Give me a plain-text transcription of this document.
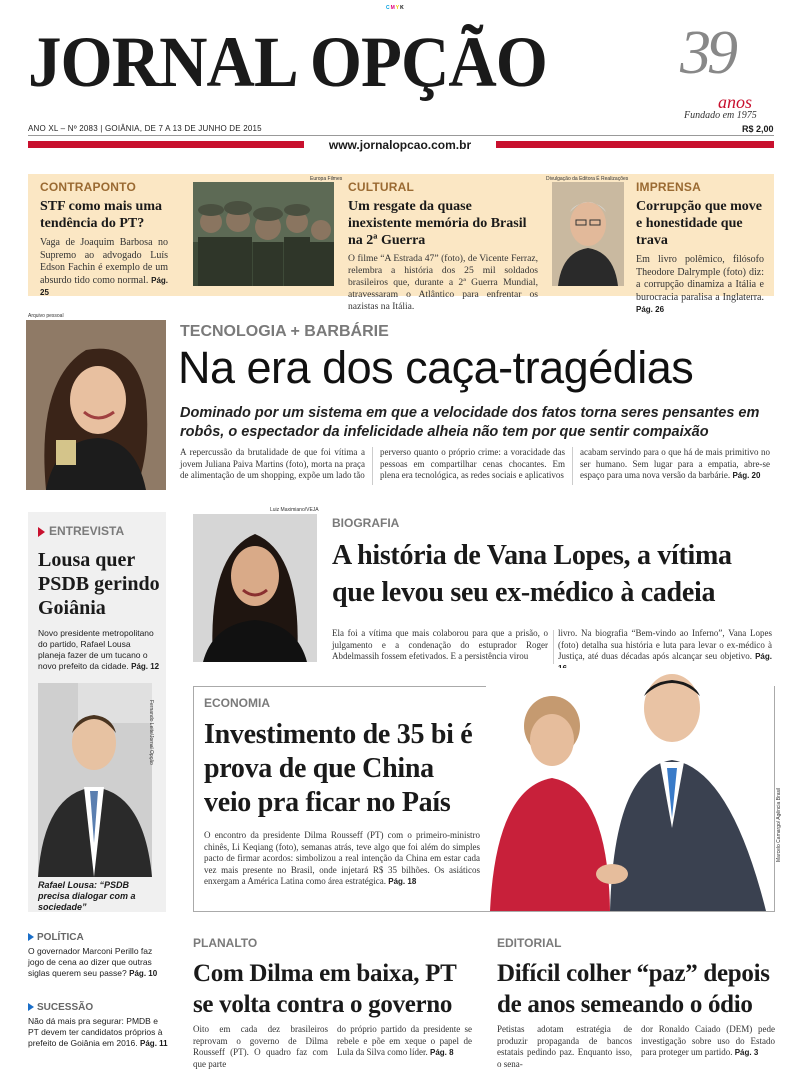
CMYK
JORNAL OPÇÃO 39
anos
Fundado em 1975
ANO XL – Nº 2083 | GOIÂNIA, DE 7 A 13 DE JUNHO DE 2015	R$ 2,00
www.jornalopcao.com.br
CONTRAPONTO
STF como mais uma tendência do PT?
Vaga de Joaquim Barbosa no Supremo ao advogado Luís Edson Fachin é exemplo de um absurdo tido como normal. Pág. 25
Europa Filmes
CULTURAL
Um resgate da quase inexistente memória do Brasil na 2ª Guerra
O filme “A Estrada 47” (foto), de Vicente Ferraz, relembra a história dos 25 mil soldados brasileiros que, durante a 2ª Guerra Mundial, atravessaram o Atlântico para enfrentar os nazistas na Itália.
Divulgação da Editora É Realizações
IMPRENSA
Corrupção que move e honestidade que trava
Em livro polêmico, filósofo Theodore Dalrymple (foto) diz: a corrupção dinamiza a Itália e burocracia paralisa a Inglaterra. Pág. 26
Arquivo pessoal
TECNOLOGIA + BARBÁRIE
Na era dos caça-tragédias
Dominado por um sistema em que a velocidade dos fatos torna seres pensantes em robôs, o espectador da infelicidade alheia não tem por que sentir compaixão
A repercussão da brutalidade de que foi vítima a jovem Juliana Paiva Martins (foto), morta na praça de alimentação de um shopping, expõe um lado tão
perverso quanto o próprio crime: a voracidade das pessoas em compartilhar cenas chocantes. Em plena era tecnológica, as redes sociais e aplicativos
acabam servindo para o que há de mais primitivo no ser humano. Sem lugar para a empatia, abre-se espaço para uma nova versão da barbárie. Pág. 20
ENTREVISTA
Lousa quer PSDB gerindo Goiânia
Novo presidente metropolitano do partido, Rafael Lousa planeja fazer de um tucano o novo prefeito da cidade. Pág. 12
Fernando Leite/Jornal Opção
Rafael Lousa: “PSDB precisa dialogar com a sociedade”
Luiz Maximiano/VEJA
BIOGRAFIA
A história de Vana Lopes, a vítima que levou seu ex-médico à cadeia
Ela foi a vítima que mais colaborou para que a prisão, o julgamento e a condenação do estuprador Roger Abdelmassih fossem efetivados. E a persistência virou
livro. Na biografia “Bem-vindo ao Inferno”, Vana Lopes (foto) detalha sua história e luta para levar o ex-médico à Justiça, até duas décadas após alcançar seu objetivo. Pág.
ECONOMIA
Investimento de 35 bi é prova de que China veio pra ficar no País
O encontro da presidente Dilma Rousseff (PT) com o primeiro-ministro chinês, Li Keqiang (foto), semanas atrás, teve algo que foi além do simples pacto de firmar acordos: simbolizou a real intenção da China em estar cada vez mais presente no Brasil, onde injetará R$ 35 bilhões. Os asiáticos enxergam a América Latina como área estratégica. Pág. 18
Marcelo Camargo/ Agência Brasil
POLÍTICA
O governador Marconi Perillo faz jogo de cena ao dizer que outras siglas querem seu passe? Pág. 10
SUCESSÃO
Não dá mais pra segurar: PMDB e PT devem ter candidatos próprios à prefeito de Goiânia em 2016. Pág. 11
PLANALTO
Com Dilma em baixa, PT se volta contra o governo
Oito em cada dez brasileiros reprovam o governo de Dilma Rousseff (PT). O quadro faz com que parte
do próprio partido da presidente se rebele e põe em xeque o papel de Lula da Silva como líder. Pág. 8
EDITORIAL
Difícil colher “paz” depois de anos semeando o ódio
Petistas adotam estratégia de produzir propaganda de bancos estatais pedindo paz. Enquanto isso, o sena-
dor Ronaldo Caiado (DEM) pede investigação sobre uso do Estado para proteger um partido. Pág. 3
